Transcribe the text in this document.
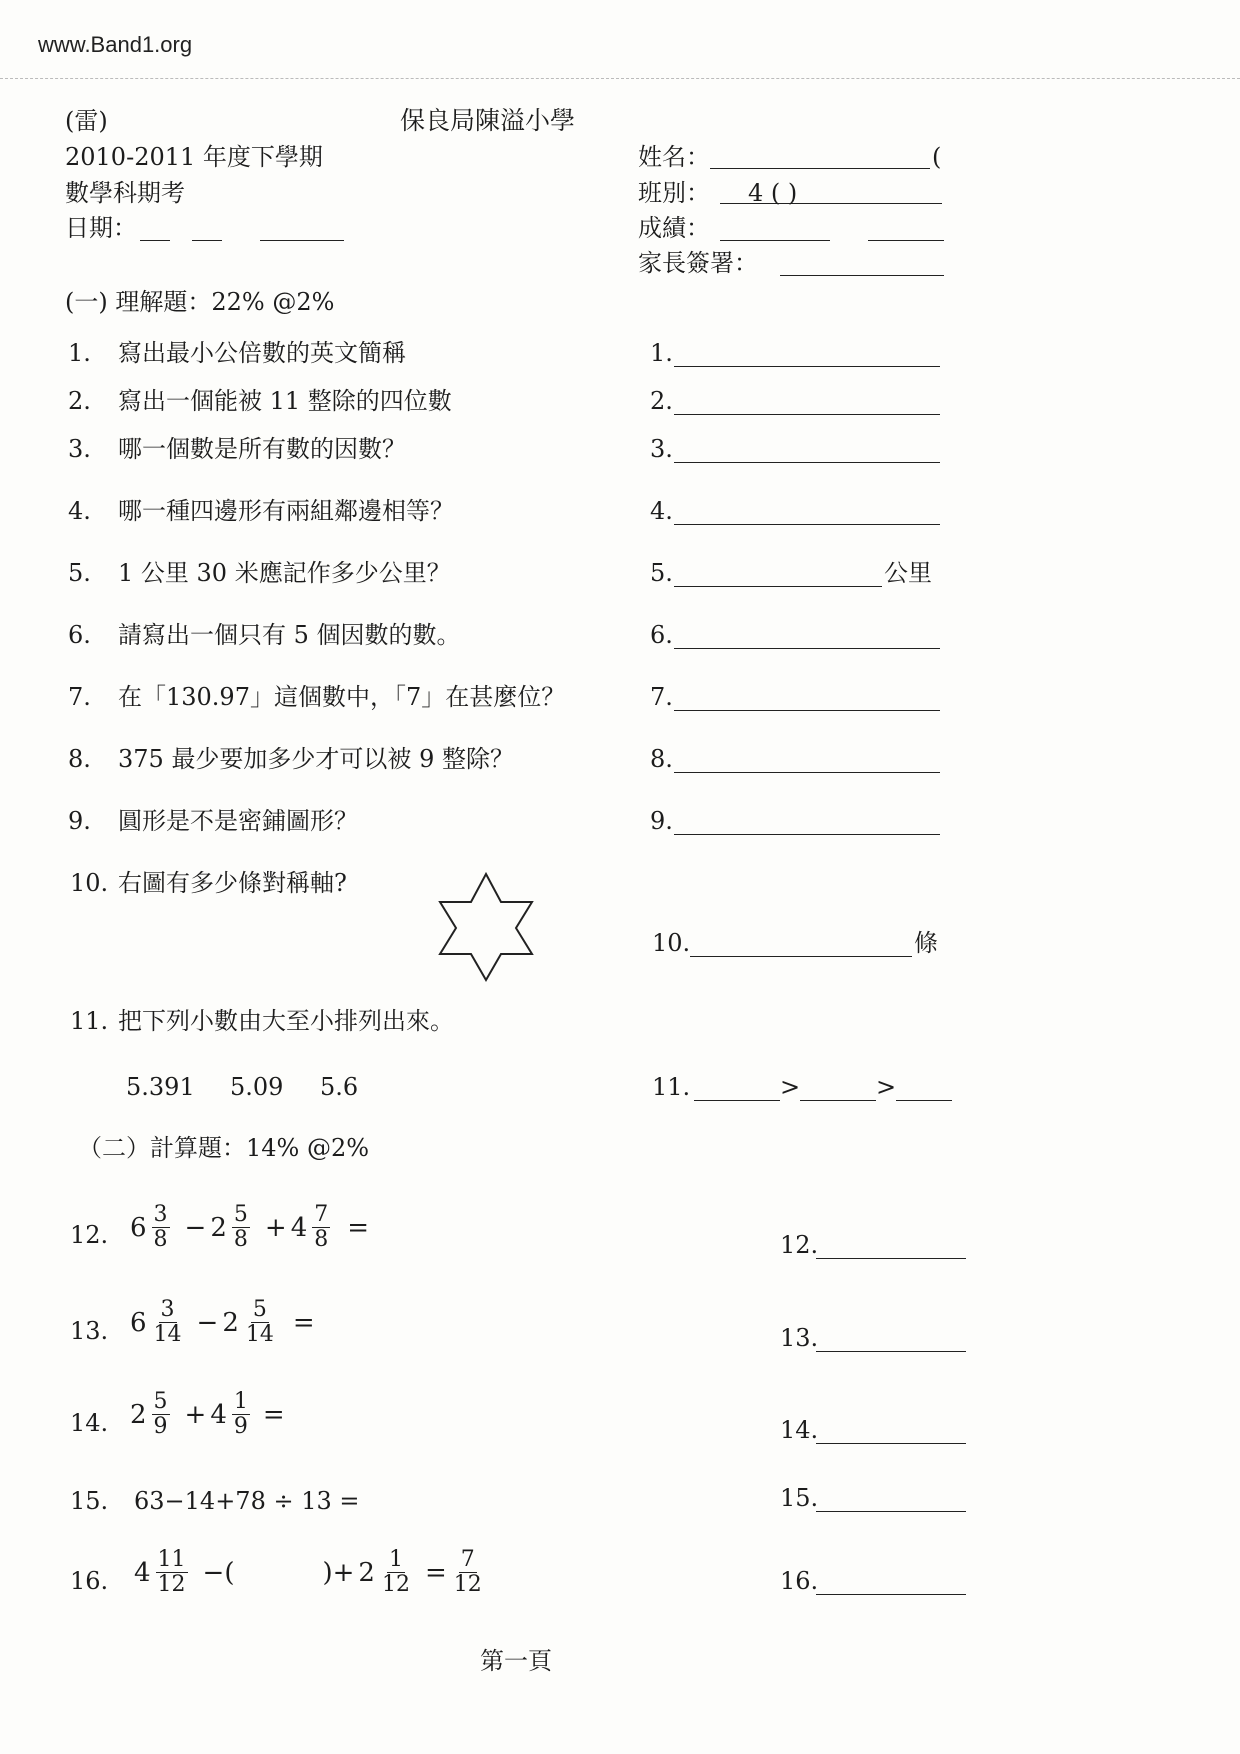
www.Band1.org
(雷)	保良局陳溢小學
2010-2011 年度下學期
數學科期考
日期：
姓名：	(
班別： 4 ( )
成績：
家長簽署：
(一) 理解題：22% @2%
1. 寫出最小公倍數的英文簡稱	1.
2. 寫出一個能被 11 整除的四位數	2.
3. 哪一個數是所有數的因數？	3.
4. 哪一種四邊形有兩組鄰邊相等？	4.
5. 1 公里 30 米應記作多少公里？	5.	公里
6. 請寫出一個只有 5 個因數的數。	6.
7. 在「130.97」這個數中，「7」在甚麼位？	7.
8. 375 最少要加多少才可以被 9 整除？	8.
9. 圓形是不是密鋪圖形？	9.
10. 右圖有多少條對稱軸?
10.	條
11. 把下列小數由大至小排列出來。
5.391 5.09 5.6	11.	>	>
（二）計算題：14% @2%
12. $6 \frac{3}{8} - 2 \frac{5}{8} + 4 \frac{7}{8}$ =
12.
13. $6 \frac{3}{14} - 2 \frac{5}{14}$ =
13.
14. $2 \frac{5}{9} + 4 \frac{1}{9}$ =
14.
15. 63−14+78 ÷ 13 =	15.
16. $4 \frac{11}{12}$ −(	)+ $2 \frac{1}{12} = \frac{7}{12}$	16.
第一頁
